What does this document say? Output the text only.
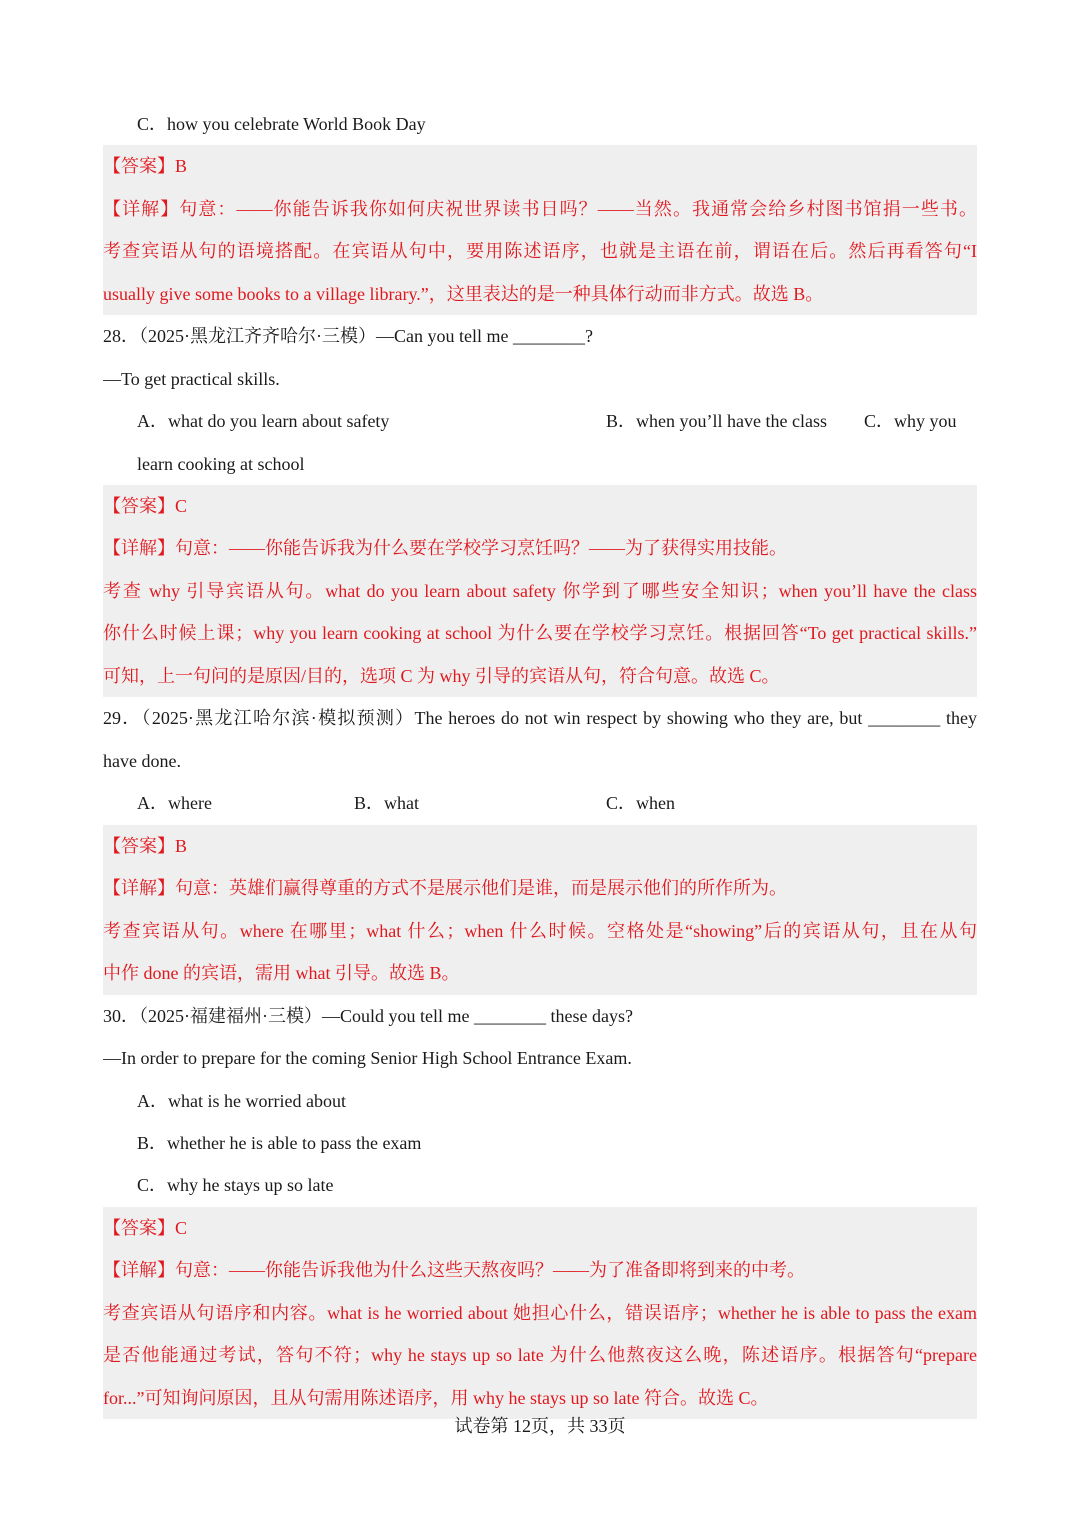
C．how you celebrate World Book Day
【答案】B
【详解】句意：——你能告诉我你如何庆祝世界读书日吗？——当然。我通常会给乡村图书馆捐一些书。
考查宾语从句的语境搭配。在宾语从句中，要用陈述语序，也就是主语在前，谓语在后。然后再看答句“I
usually give some books to a village library.”，这里表达的是一种具体行动而非方式。故选 B。
28．（2025·黑龙江齐齐哈尔·三模）—Can you tell me ________?
—To get practical skills.
A．what do you learn about safety	B．when you’ll have the class C．why you
learn cooking at school
【答案】C
【详解】句意：——你能告诉我为什么要在学校学习烹饪吗？——为了获得实用技能。
考查 why 引导宾语从句。what do you learn about safety 你学到了哪些安全知识；when you’ll have the class
你什么时候上课；why you learn cooking at school 为什么要在学校学习烹饪。根据回答“To get practical skills.”
可知，上一句问的是原因/目的，选项 C 为 why 引导的宾语从句，符合句意。故选 C。
29．（2025·黑龙江哈尔滨·模拟预测）The heroes do not win respect by showing who they are, but ________ they
have done.
A．where	B．what	C．when
【答案】B
【详解】句意：英雄们赢得尊重的方式不是展示他们是谁，而是展示他们的所作所为。
考查宾语从句。where 在哪里；what 什么；when 什么时候。空格处是“showing”后的宾语从句，且在从句
中作 done 的宾语，需用 what 引导。故选 B。
30．（2025·福建福州·三模）—Could you tell me ________ these days?
—In order to prepare for the coming Senior High School Entrance Exam.
A．what is he worried about
B．whether he is able to pass the exam
C．why he stays up so late
【答案】C
【详解】句意：——你能告诉我他为什么这些天熬夜吗？——为了准备即将到来的中考。
考查宾语从句语序和内容。what is he worried about 她担心什么，错误语序；whether he is able to pass the exam
是否他能通过考试，答句不符；why he stays up so late 为什么他熬夜这么晚，陈述语序。根据答句“prepare
for...”可知询问原因，且从句需用陈述语序，用 why he stays up so late 符合。故选 C。
试卷第 12页，共 33页
